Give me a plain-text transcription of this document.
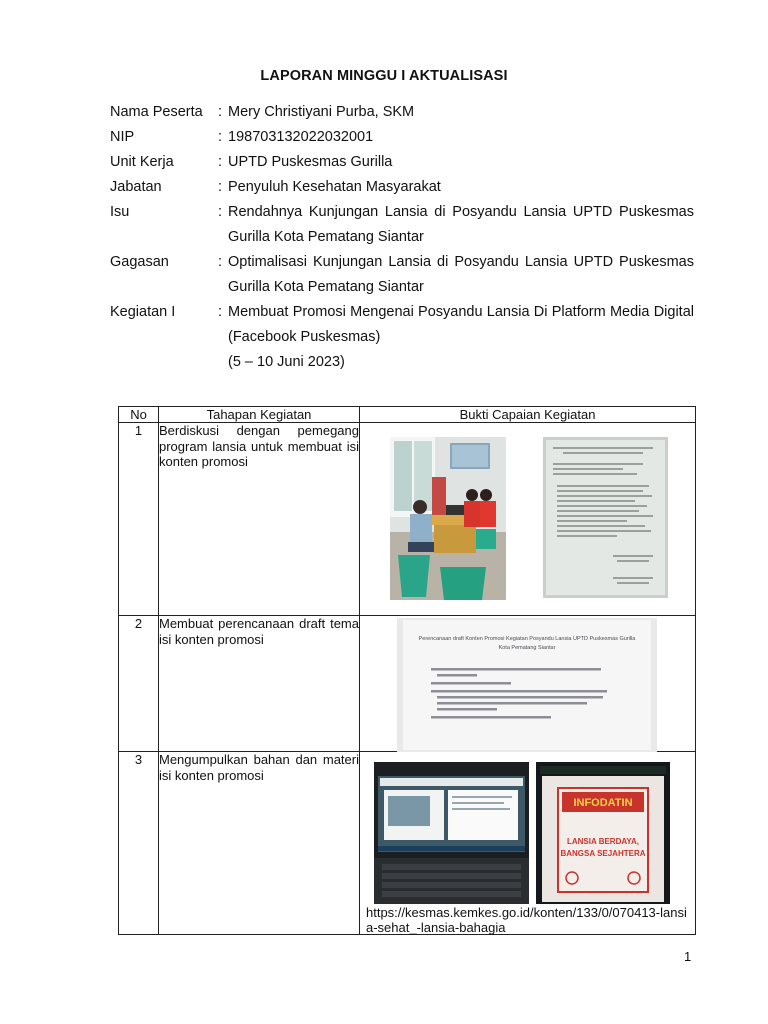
LAPORAN MINGGU I AKTUALISASI
Nama Peserta	: Mery Christiyani Purba, SKM
NIP	: 198703132022032001
Unit Kerja	: UPTD Puskesmas Gurilla
Jabatan	: Penyuluh Kesehatan Masyarakat
Isu	: Rendahnya Kunjungan Lansia di Posyandu Lansia UPTD Puskesmas Gurilla Kota Pematang Siantar
Gagasan	: Optimalisasi Kunjungan Lansia di Posyandu Lansia UPTD Puskesmas Gurilla Kota Pematang Siantar
Kegiatan I	: Membuat Promosi Mengenai Posyandu Lansia Di Platform Media Digital (Facebook Puskesmas)
(5 – 10 Juni 2023)
No	Tahapan Kegiatan	Bukti Capaian Kegiatan
1	Berdiskusi dengan pemegang program lansia untuk membuat isi konten promosi	

2	Membuat perencanaan draft tema isi konten promosi	Perencanaan draft Konten Promosi Kegiatan Posyandu Lansia UPTD Puskesmas Gurilla
Kota Pematang Siantar

3	Mengumpulkan bahan dan materi isi konten promosi	INFODATIN
LANSIA BERDAYA,
BANGSA SEJAHTERA
https://kesmas.kemkes.go.id/konten/133/0/070413-lansia-sehat_-lansia-bahagia
1
